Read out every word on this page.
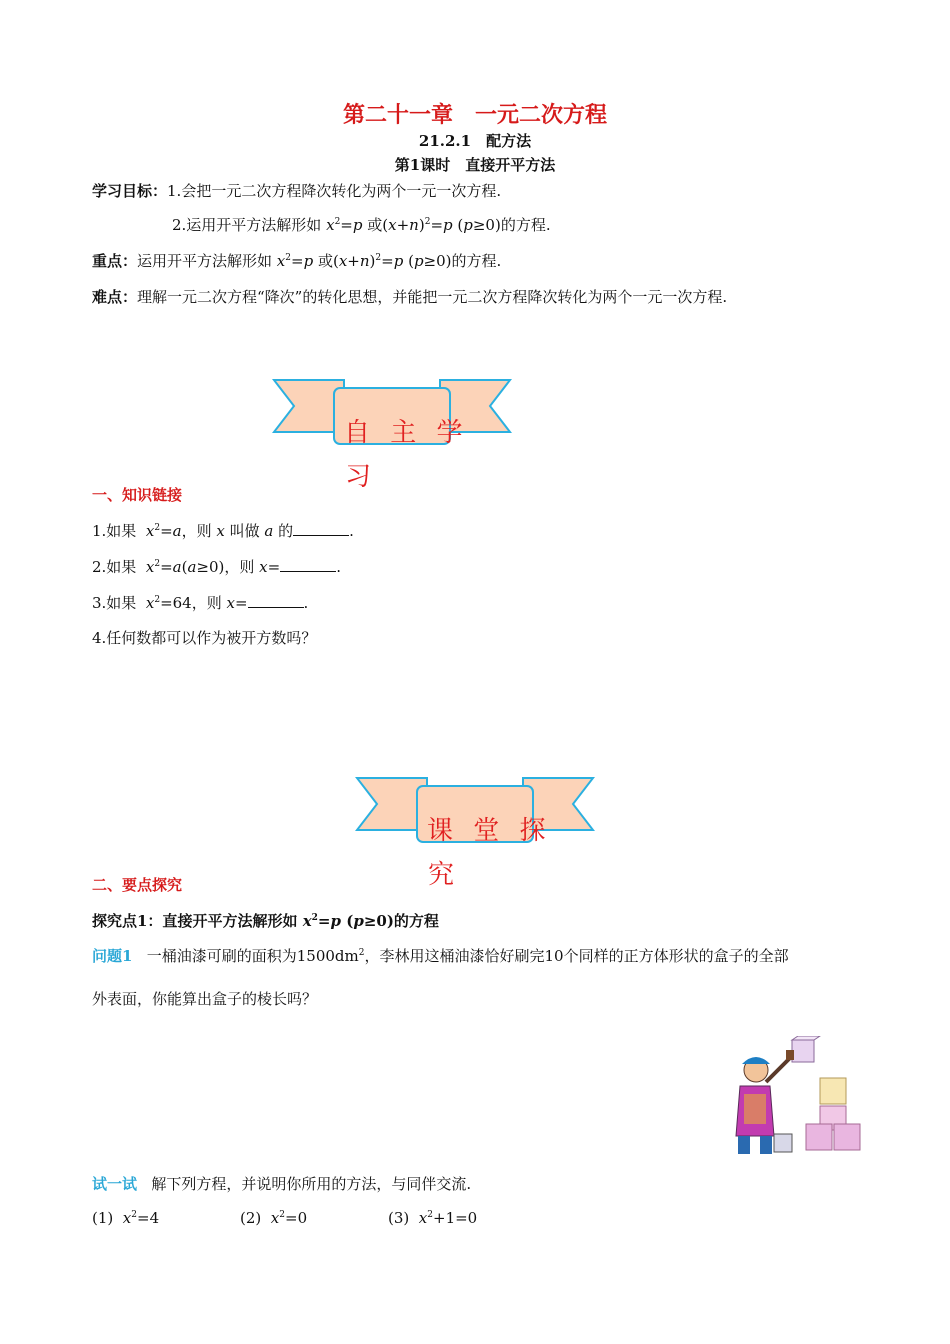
第二十一章　一元二次方程
21.2.1　配方法
第1课时　直接开平方法
学习目标：1.会把一元二次方程降次转化为两个一元一次方程.
2.运用开平方法解形如 $x^2=p$ 或$(x+n)^2=p$ (p≥0)的方程.
重点：运用开平方法解形如 $x^2=p$ 或$(x+n)^2=p$ (p≥0)的方程.
难点：理解一元二次方程“降次”的转化思想，并能把一元二次方程降次转化为两个一元一次方程.
自 主 学
习
一、知识链接
1.如果 $x^2=a$，则 x 叫做 a 的	.
2.如果 $x^2=a(a\ge 0)$，则 x=	.
3.如果 $x^2=64$，则 x=	.
4.任何数都可以作为被开方数吗？
课 堂 探
究
二、要点探究
探究点1：直接开平方法解形如 $x^2=p$ (p≥0)的方程
问题1 一桶油漆可刷的面积为$1500dm^2$，李林用这桶油漆恰好刷完10个同样的正方体形状的盒子的全部
外表面，你能算出盒子的棱长吗？
试一试 解下列方程，并说明你所用的方法，与同伴交流.
(1) $x^2=4$	(2) $x^2=0$	(3) $x^2+1=0$
